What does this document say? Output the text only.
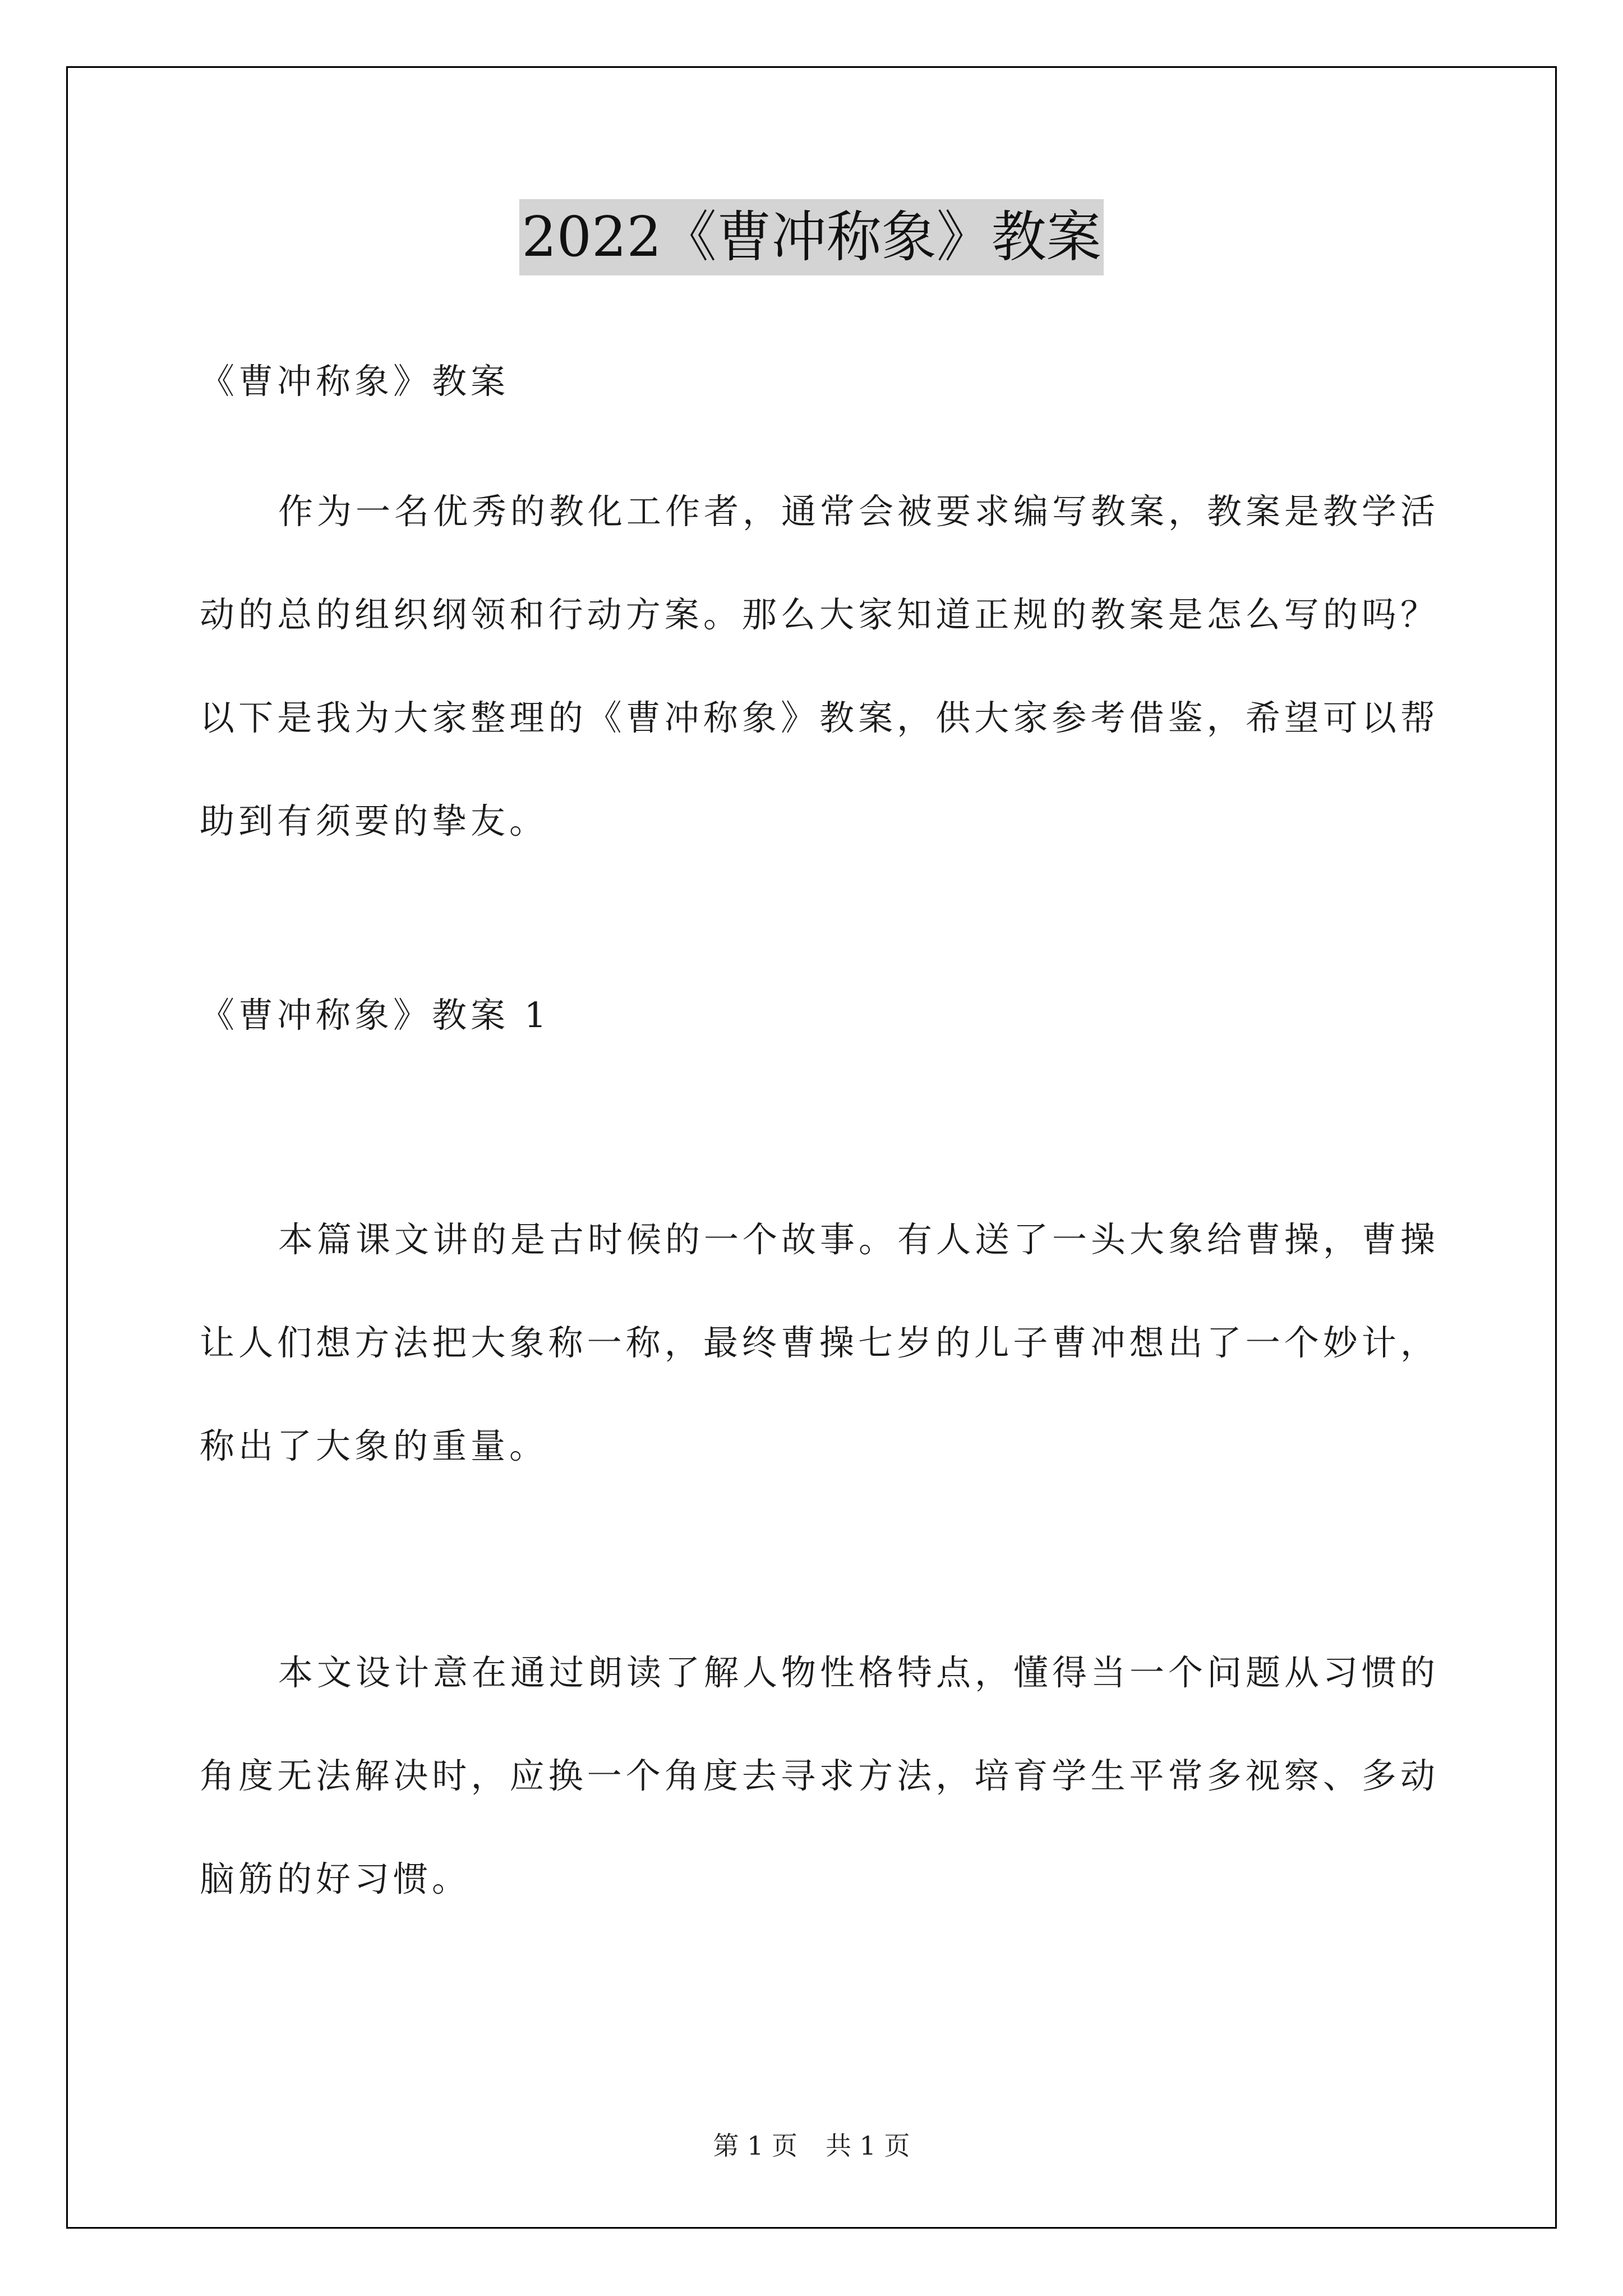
2022《曹冲称象》教案
《曹冲称象》教案
作为一名优秀的教化工作者，通常会被要求编写教案，教案是教学活动的总的组织纲领和行动方案。那么大家知道正规的教案是怎么写的吗？以下是我为大家整理的《曹冲称象》教案，供大家参考借鉴，希望可以帮助到有须要的挚友。
《曹冲称象》教案 1
本篇课文讲的是古时候的一个故事。有人送了一头大象给曹操，曹操让人们想方法把大象称一称，最终曹操七岁的儿子曹冲想出了一个妙计，称出了大象的重量。
本文设计意在通过朗读了解人物性格特点，懂得当一个问题从习惯的角度无法解决时，应换一个角度去寻求方法，培育学生平常多视察、多动脑筋的好习惯。
第 1 页 共 1 页
